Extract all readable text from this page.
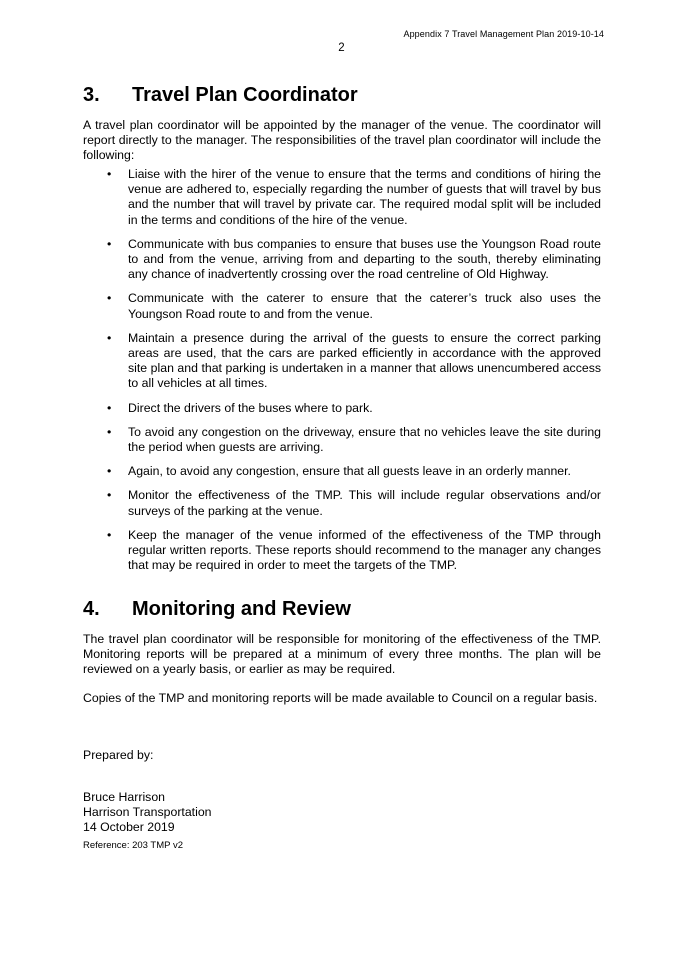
Appendix 7 Travel Management Plan 2019-10-14
2
3. Travel Plan Coordinator

A travel plan coordinator will be appointed by the manager of the venue. The coordinator will report directly to the manager. The responsibilities of the travel plan coordinator will include the following:

• Liaise with the hirer of the venue to ensure that the terms and conditions of hiring the venue are adhered to, especially regarding the number of guests that will travel by bus and the number that will travel by private car. The required modal split will be included in the terms and conditions of the hire of the venue.
• Communicate with bus companies to ensure that buses use the Youngson Road route to and from the venue, arriving from and departing to the south, thereby eliminating any chance of inadvertently crossing over the road centreline of Old Highway.
• Communicate with the caterer to ensure that the caterer’s truck also uses the Youngson Road route to and from the venue.
• Maintain a presence during the arrival of the guests to ensure the correct parking areas are used, that the cars are parked efficiently in accordance with the approved site plan and that parking is undertaken in a manner that allows unencumbered access to all vehicles at all times.
• Direct the drivers of the buses where to park.
• To avoid any congestion on the driveway, ensure that no vehicles leave the site during the period when guests are arriving.
• Again, to avoid any congestion, ensure that all guests leave in an orderly manner.
• Monitor the effectiveness of the TMP. This will include regular observations and/or surveys of the parking at the venue.
• Keep the manager of the venue informed of the effectiveness of the TMP through regular written reports. These reports should recommend to the manager any changes that may be required in order to meet the targets of the TMP.
4. Monitoring and Review

The travel plan coordinator will be responsible for monitoring of the effectiveness of the TMP. Monitoring reports will be prepared at a minimum of every three months. The plan will be reviewed on a yearly basis, or earlier as may be required.

Copies of the TMP and monitoring reports will be made available to Council on a regular basis.

Prepared by:

Bruce Harrison

Harrison Transportation

14 October 2019

Reference: 203 TMP v2
